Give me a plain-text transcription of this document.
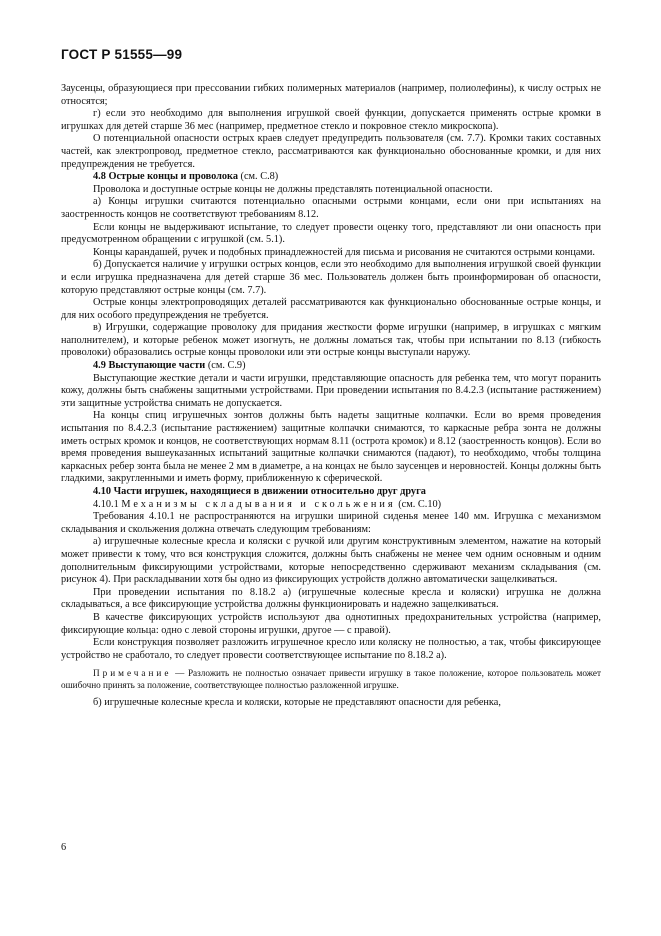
ГОСТ Р 51555—99

Заусенцы, образующиеся при прессовании гибких полимерных материалов (например, полиолефины), к числу острых не относятся;

г) если это необходимо для выполнения игрушкой своей функции, допускается применять острые кромки в игрушках для детей старше 36 мес (например, предметное стекло и покровное стекло микроскопа).

О потенциальной опасности острых краев следует предупредить пользователя (см. 7.7). Кромки таких составных частей, как электропровод, предметное стекло, рассматриваются как функционально обоснованные кромки, и для них предупреждения не требуется.

4.8 Острые концы и проволока (см. С.8)

Проволока и доступные острые концы не должны представлять потенциальной опасности.

а) Концы игрушки считаются потенциально опасными острыми концами, если они при испытаниях на заостренность концов не соответствуют требованиям 8.12.

Если концы не выдерживают испытание, то следует провести оценку того, представляют ли они опасность при предусмотренном обращении с игрушкой (см. 5.1).

Концы карандашей, ручек и подобных принадлежностей для письма и рисования не считаются острыми концами.

б) Допускается наличие у игрушки острых концов, если это необходимо для выполнения игрушкой своей функции и если игрушка предназначена для детей старше 36 мес. Пользователь должен быть проинформирован об опасности, которую представляют острые концы (см. 7.7).

Острые концы электропроводящих деталей рассматриваются как функционально обоснованные острые концы, и для них особого предупреждения не требуется.

в) Игрушки, содержащие проволоку для придания жесткости форме игрушки (например, в игрушках с мягким наполнителем), и которые ребенок может изогнуть, не должны ломаться так, чтобы при испытании по 8.13 (гибкость проволоки) образовались острые концы проволоки или эти острые концы выступали наружу.

4.9 Выступающие части (см. С.9)

Выступающие жесткие детали и части игрушки, представляющие опасность для ребенка тем, что могут поранить кожу, должны быть снабжены защитными устройствами. При проведении испытания по 8.4.2.3 (испытание растяжением) эти защитные устройства снимать не допускается.

На концы спиц игрушечных зонтов должны быть надеты защитные колпачки. Если во время проведения испытания по 8.4.2.3 (испытание растяжением) защитные колпачки снимаются, то каркасные ребра зонта не должны иметь острых кромок и концов, не соответствующих нормам 8.11 (острота кромок) и 8.12 (заостренность концов). Если во время проведения вышеуказанных испытаний защитные колпачки снимаются (падают), то необходимо, чтобы толщина каркасных ребер зонта была не менее 2 мм в диаметре, а на концах не было заусенцев и неровностей. Концы должны быть гладкими, закругленными и иметь форму, приближенную к сферической.

4.10 Части игрушек, находящиеся в движении относительно друг друга

4.10.1 Механизмы складывания и скольжения (см. С.10)

Требования 4.10.1 не распространяются на игрушки шириной сиденья менее 140 мм. Игрушка с механизмом складывания и скольжения должна отвечать следующим требованиям:

а) игрушечные колесные кресла и коляски с ручкой или другим конструктивным элементом, нажатие на который может привести к тому, что вся конструкция сложится, должны быть снабжены не менее чем одним основным и одним дополнительным фиксирующими устройствами, которые непосредственно сдерживают механизм складывания (см. рисунок 4). При раскладывании хотя бы одно из фиксирующих устройств должно автоматически защелкиваться.

При проведении испытания по 8.18.2 а) (игрушечные колесные кресла и коляски) игрушка не должна складываться, а все фиксирующие устройства должны функционировать и надежно защелкиваться.

В качестве фиксирующих устройств используют два однотипных предохранительных устройства (например, фиксирующие кольца: одно с левой стороны игрушки, другое — с правой).

Если конструкция позволяет разложить игрушечное кресло или коляску не полностью, а так, чтобы фиксирующее устройство не сработало, то следует провести соответствующее испытание по 8.18.2 а).

Примечание — Разложить не полностью означает привести игрушку в такое положение, которое пользователь может ошибочно принять за положение, соответствующее полностью разложенной игрушке.

б) игрушечные колесные кресла и коляски, которые не представляют опасности для ребенка,

6
